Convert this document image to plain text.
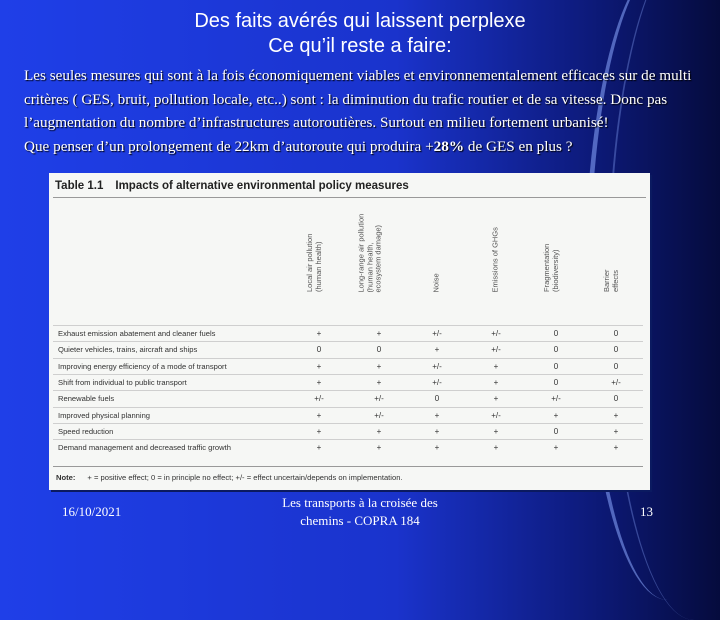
Des faits avérés qui laissent perplexe
Ce qu’il reste a faire:

Les seules mesures qui sont à la fois économiquement viables et environnementalement efficaces sur de multi critères ( GES, bruit, pollution locale, etc..) sont : la diminution du trafic routier et de sa vitesse. Donc pas l’augmentation du nombre d’infrastructures autoroutières. Surtout en milieu fortement urbanisé!

Que penser d’un prolongement de 22km d’autoroute qui produira +28% de GES en plus ?

Table 1.1 Impacts of alternative environmental policy measures
Note: + = positive effect; 0 = in principle no effect; +/- = effect uncertain/depends on implementation.
Local air pollution
(human health)	Long-range air pollution
(human health,
ecosystem damage)	Noise	Emissions of GHGs	Fragmentation
(biodiversity)	Barrier
effects
Exhaust emission abatement and cleaner fuels	+	+	+/-	+/-	0	0
Quieter vehicles, trains, aircraft and ships	0	0	+	+/-	0	0
Improving energy efficiency of a mode of transport	+	+	+/-	+	0	0
Shift from individual to public transport	+	+	+/-	+	0	+/-
Renewable fuels	+/-	+/-	0	+	+/-	0
Improved physical planning	+	+/-	+	+/-	+	+
Speed reduction	+	+	+	+	0	+
Demand management and decreased traffic growth	+	+	+	+	+	+
16/10/2021
Les transports à la croisée des chemins - COPRA 184
13
